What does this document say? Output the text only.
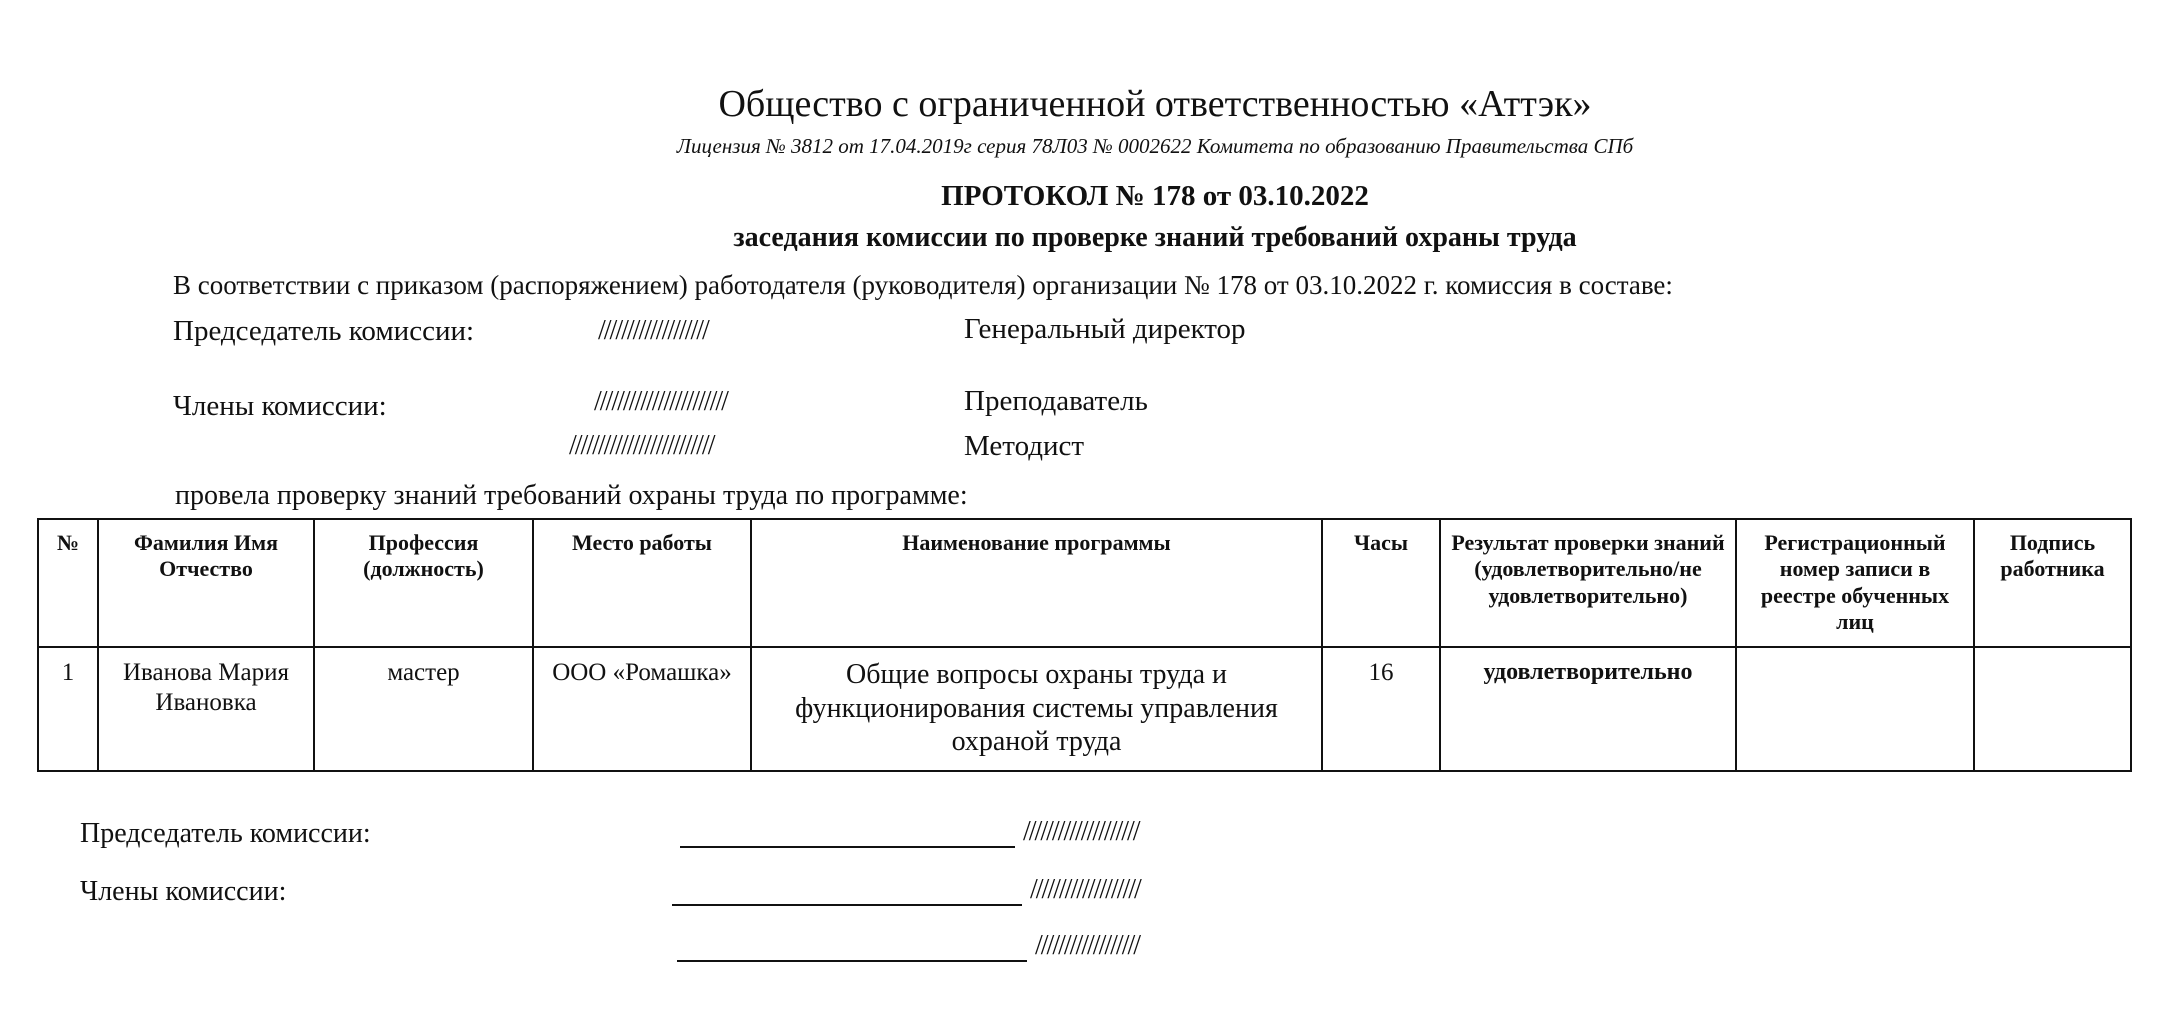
Общество с ограниченной ответственностью «Аттэк»
Лицензия № 3812 от 17.04.2019г серия 78Л03 № 0002622 Комитета по образованию Правительства СПб
ПРОТОКОЛ № 178 от 03.10.2022
заседания комиссии по проверке знаний требований охраны труда
В соответствии с приказом (распоряжением) работодателя (руководителя) организации № 178 от 03.10.2022 г. комиссия в составе:
Председатель комиссии:	///////////////////	Генеральный директор
Члены комиссии:	///////////////////////	Преподаватель
/////////////////////////	Методист
провела проверку знаний требований охраны труда по программе:
№	Фамилия Имя Отчество	Профессия (должность)	Место работы	Наименование программы	Часы	Результат проверки знаний (удовлетворительно/не удовлетворительно)	Регистрационный номер записи в реестре обученных лиц	Подпись работника
1	Иванова Мария Ивановка	мастер	ООО «Ромашка»	Общие вопросы охраны труда и функционирования системы управления охраной труда	16	удовлетворительно		
Председатель комиссии:	////////////////////
Члены комиссии:	///////////////////
//////////////////
